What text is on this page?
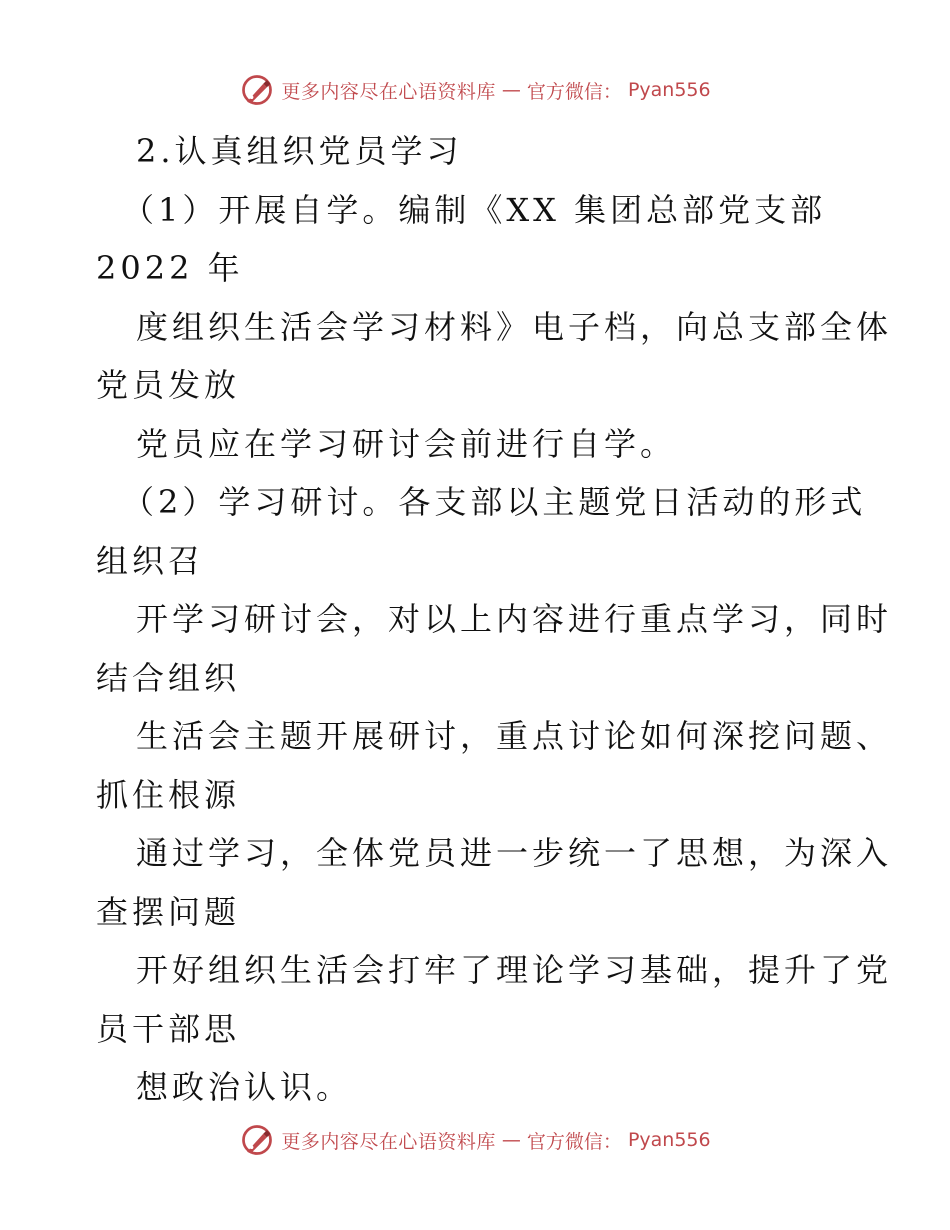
更多内容尽在心语资料库 — 官方微信： Pyan556
2.认真组织党员学习
（1）开展自学。编制《XX 集团总部党支部
2022 年
度组织生活会学习材料》电子档，向总支部全体
党员发放
党员应在学习研讨会前进行自学。
（2）学习研讨。各支部以主题党日活动的形式
组织召
开学习研讨会，对以上内容进行重点学习，同时
结合组织
生活会主题开展研讨，重点讨论如何深挖问题、
抓住根源
通过学习，全体党员进一步统一了思想，为深入
查摆问题
开好组织生活会打牢了理论学习基础，提升了党
员干部思
想政治认识。
更多内容尽在心语资料库 — 官方微信： Pyan556
